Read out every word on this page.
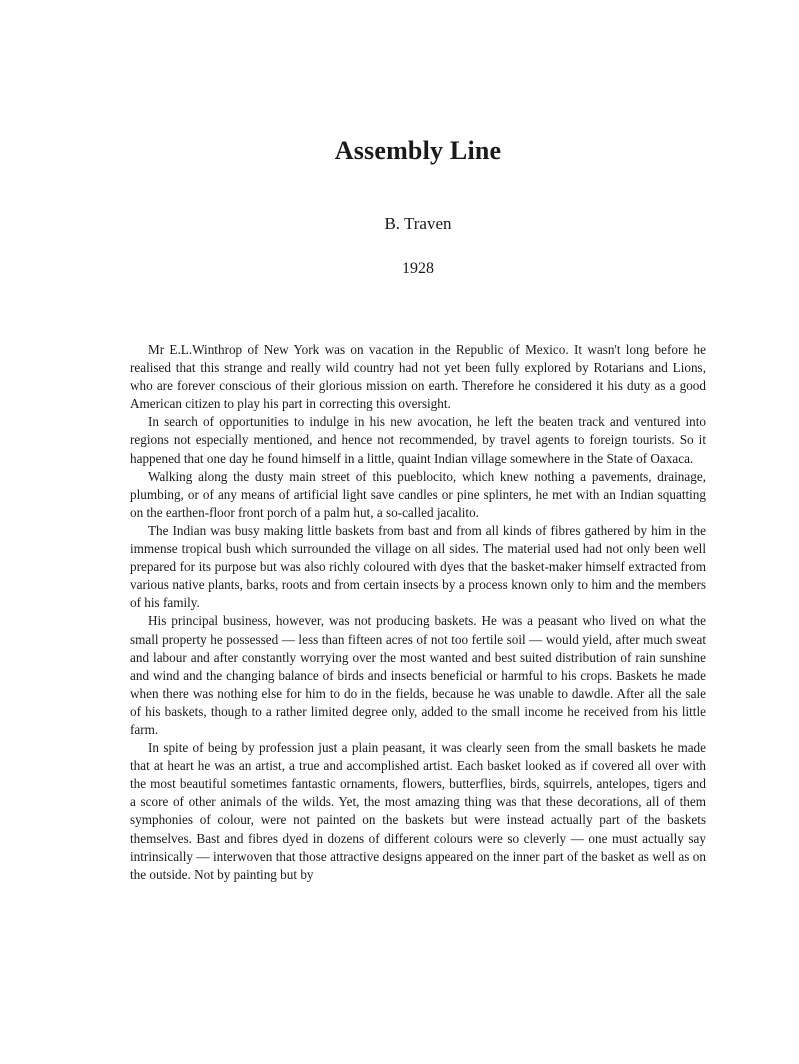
Assembly Line
B. Traven
1928

Mr E.L.Winthrop of New York was on vacation in the Republic of Mexico. It wasn't long before he realised that this strange and really wild country had not yet been fully explored by Rotarians and Lions, who are forever conscious of their glorious mission on earth. Therefore he considered it his duty as a good American citizen to play his part in correcting this oversight.

In search of opportunities to indulge in his new avocation, he left the beaten track and ventured into regions not especially mentioned, and hence not recommended, by travel agents to foreign tourists. So it happened that one day he found himself in a little, quaint Indian village somewhere in the State of Oaxaca.

Walking along the dusty main street of this pueblocito, which knew nothing a pavements, drainage, plumbing, or of any means of artificial light save candles or pine splinters, he met with an Indian squatting on the earthen-floor front porch of a palm hut, a so-called jacalito.

The Indian was busy making little baskets from bast and from all kinds of fibres gathered by him in the immense tropical bush which surrounded the village on all sides. The material used had not only been well prepared for its purpose but was also richly coloured with dyes that the basket-maker himself extracted from various native plants, barks, roots and from certain insects by a process known only to him and the members of his family.

His principal business, however, was not producing baskets. He was a peasant who lived on what the small property he possessed — less than fifteen acres of not too fertile soil — would yield, after much sweat and labour and after constantly worrying over the most wanted and best suited distribution of rain sunshine and wind and the changing balance of birds and insects beneficial or harmful to his crops. Baskets he made when there was nothing else for him to do in the fields, because he was unable to dawdle. After all the sale of his baskets, though to a rather limited degree only, added to the small income he received from his little farm.

In spite of being by profession just a plain peasant, it was clearly seen from the small baskets he made that at heart he was an artist, a true and accomplished artist. Each basket looked as if covered all over with the most beautiful sometimes fantastic ornaments, flowers, butterflies, birds, squirrels, antelopes, tigers and a score of other animals of the wilds. Yet, the most amazing thing was that these decorations, all of them symphonies of colour, were not painted on the baskets but were instead actually part of the baskets themselves. Bast and fibres dyed in dozens of different colours were so cleverly — one must actually say intrinsically — interwoven that those attractive designs appeared on the inner part of the basket as well as on the outside. Not by painting but by
